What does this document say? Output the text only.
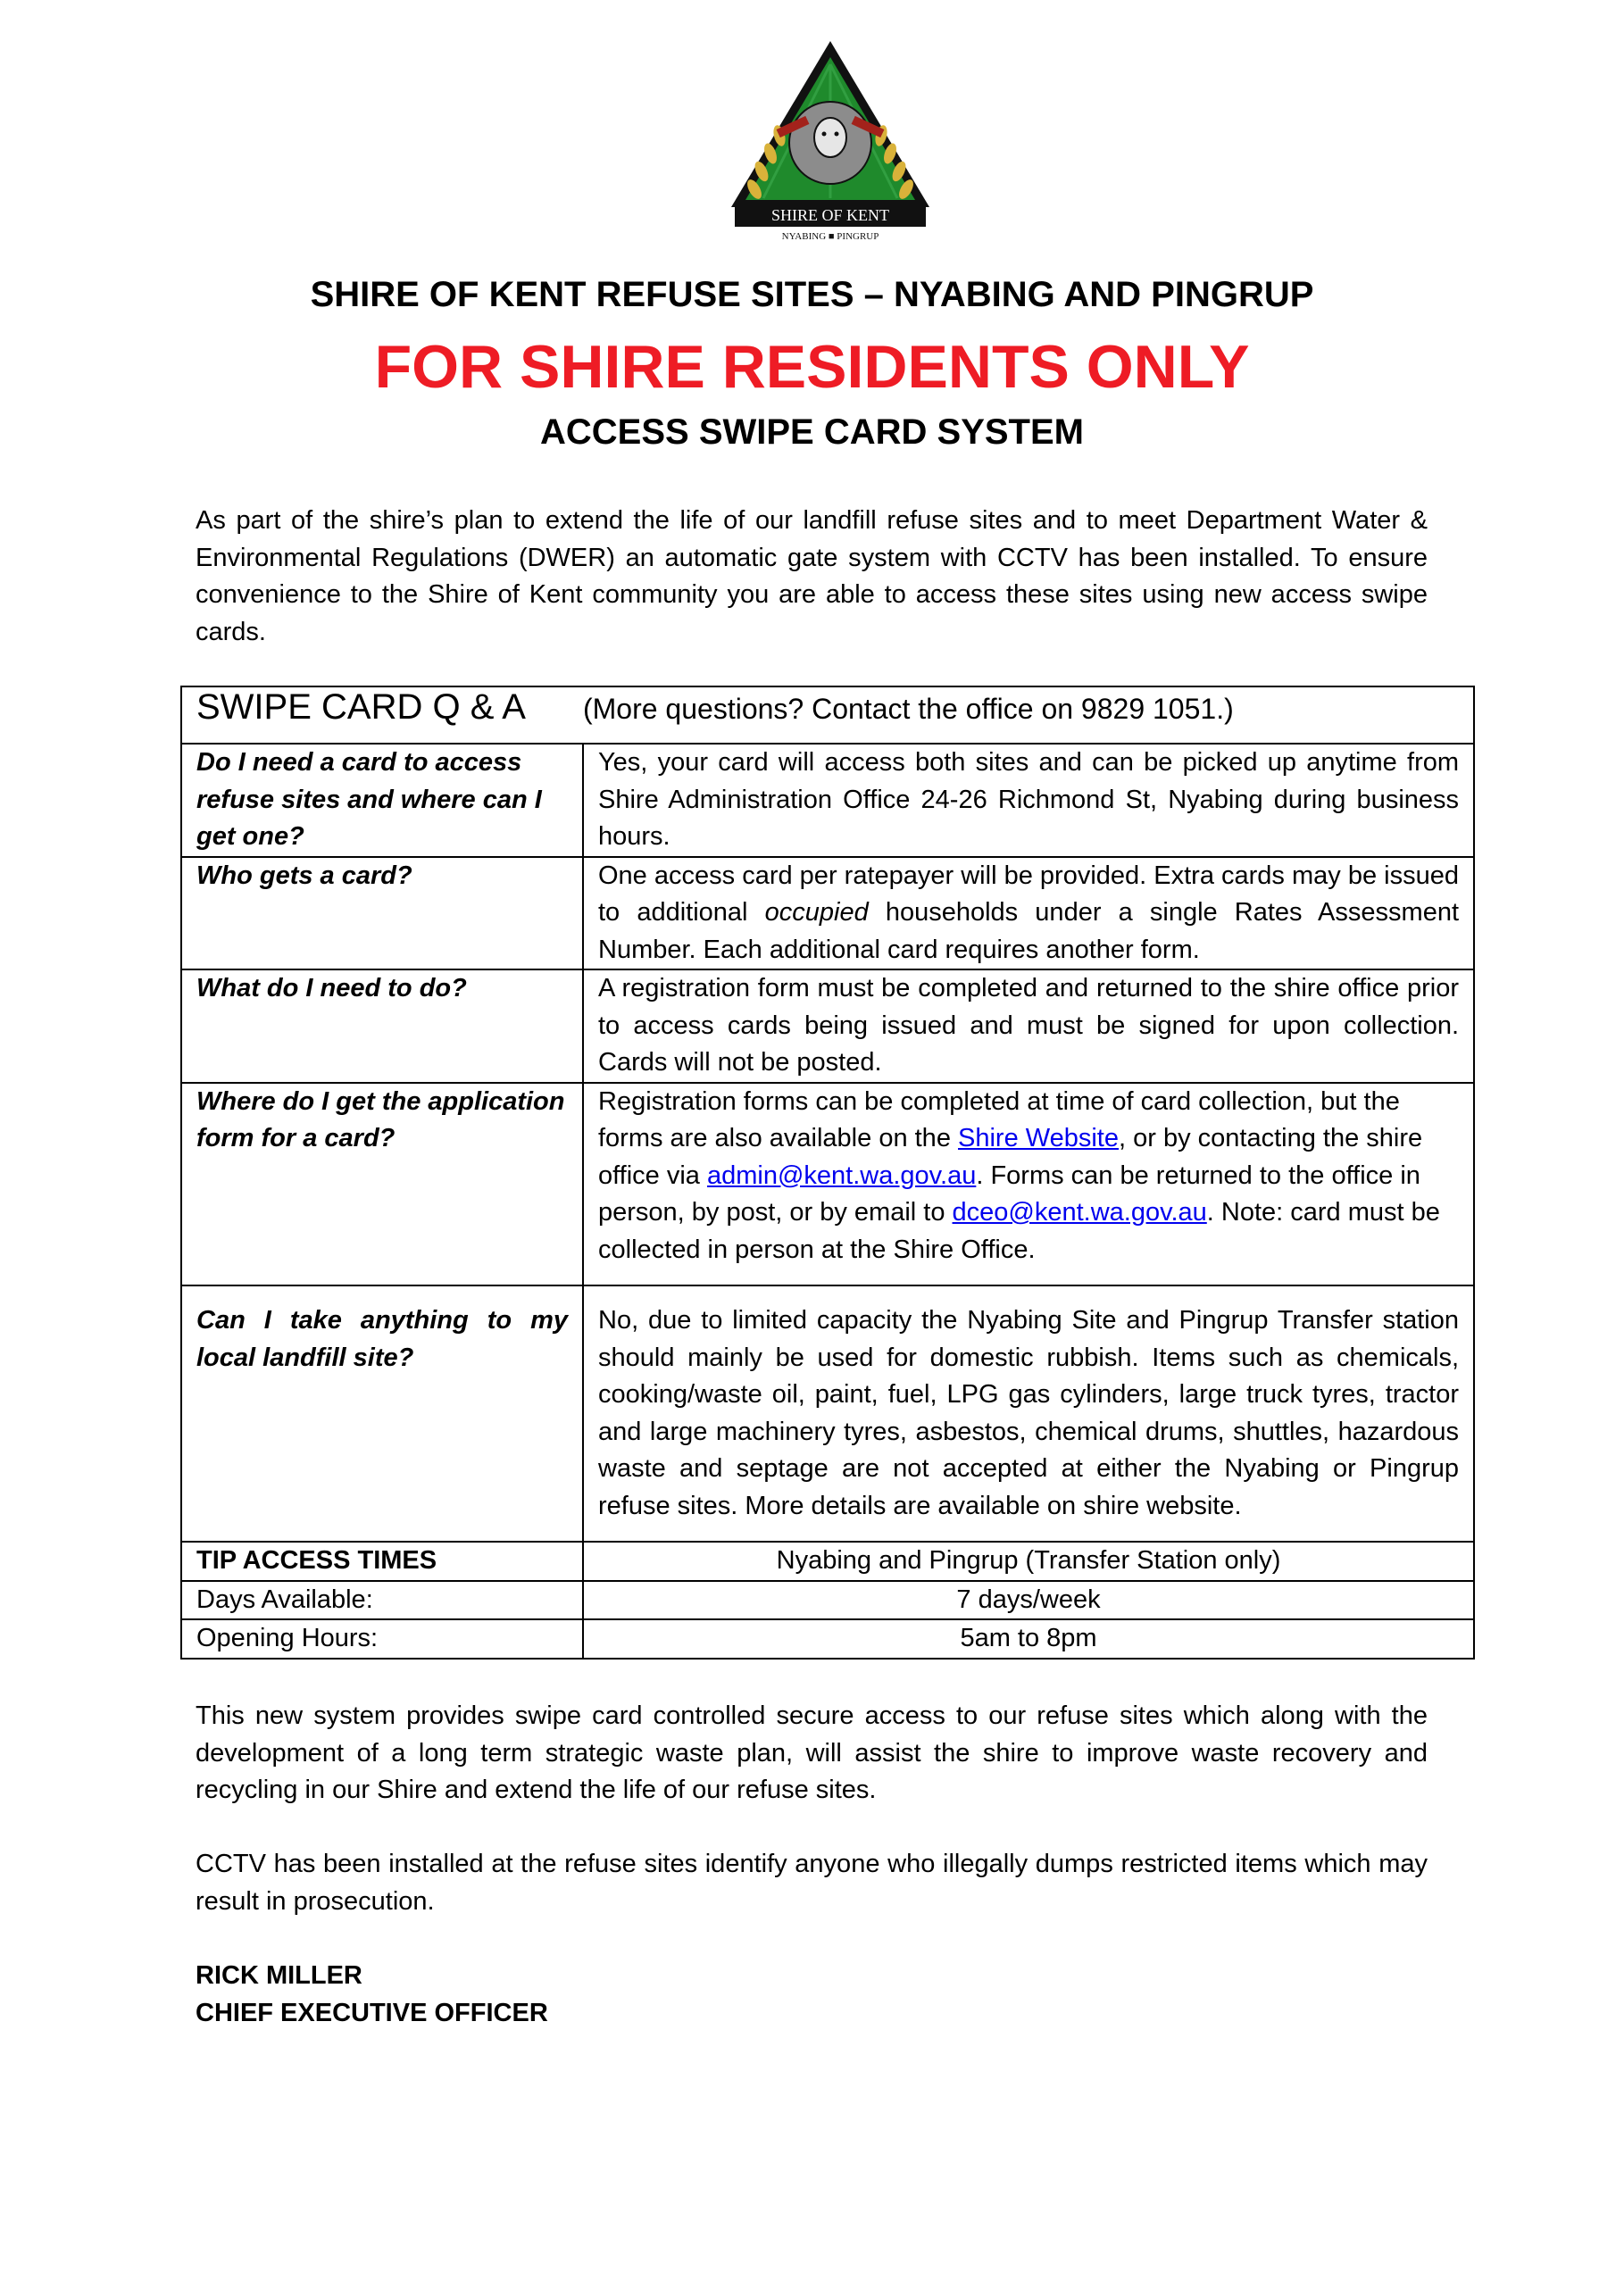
SHIRE OF KENT
NYABING ■ PINGRUP
SHIRE OF KENT REFUSE SITES – NYABING AND PINGRUP
FOR SHIRE RESIDENTS ONLY
ACCESS SWIPE CARD SYSTEM

As part of the shire’s plan to extend the life of our landfill refuse sites and to meet Department Water & Environmental Regulations (DWER) an automatic gate system with CCTV has been installed. To ensure convenience to the Shire of Kent community you are able to access these sites using new access swipe cards.

SWIPE CARD Q & A (More questions? Contact the office on 9829 1051.)	
Do I need a card to access refuse sites and where can I get one?	Yes, your card will access both sites and can be picked up anytime from Shire Administration Office 24-26 Richmond St, Nyabing during business hours.
Who gets a card?	One access card per ratepayer will be provided. Extra cards may be issued to additional occupied households under a single Rates Assessment Number. Each additional card requires another form.
What do I need to do?	A registration form must be completed and returned to the shire office prior to access cards being issued and must be signed for upon collection. Cards will not be posted.
Where do I get the application form for a card?	Registration forms can be completed at time of card collection, but the forms are also available on the Shire Website, or by contacting the shire office via admin@kent.wa.gov.au. Forms can be returned to the office in person, by post, or by email to dceo@kent.wa.gov.au. Note: card must be collected in person at the Shire Office.
Can I take anything to my local landfill site?	No, due to limited capacity the Nyabing Site and Pingrup Transfer station should mainly be used for domestic rubbish. Items such as chemicals, cooking/waste oil, paint, fuel, LPG gas cylinders, large truck tyres, tractor and large machinery tyres, asbestos, chemical drums, shuttles, hazardous waste and septage are not accepted at either the Nyabing or Pingrup refuse sites. More details are available on shire website.
TIP ACCESS TIMES	Nyabing and Pingrup (Transfer Station only)
Days Available:	7 days/week
Opening Hours:	5am to 8pm

This new system provides swipe card controlled secure access to our refuse sites which along with the development of a long term strategic waste plan, will assist the shire to improve waste recovery and recycling in our Shire and extend the life of our refuse sites.

CCTV has been installed at the refuse sites identify anyone who illegally dumps restricted items which may result in prosecution.

RICK MILLER
CHIEF EXECUTIVE OFFICER
